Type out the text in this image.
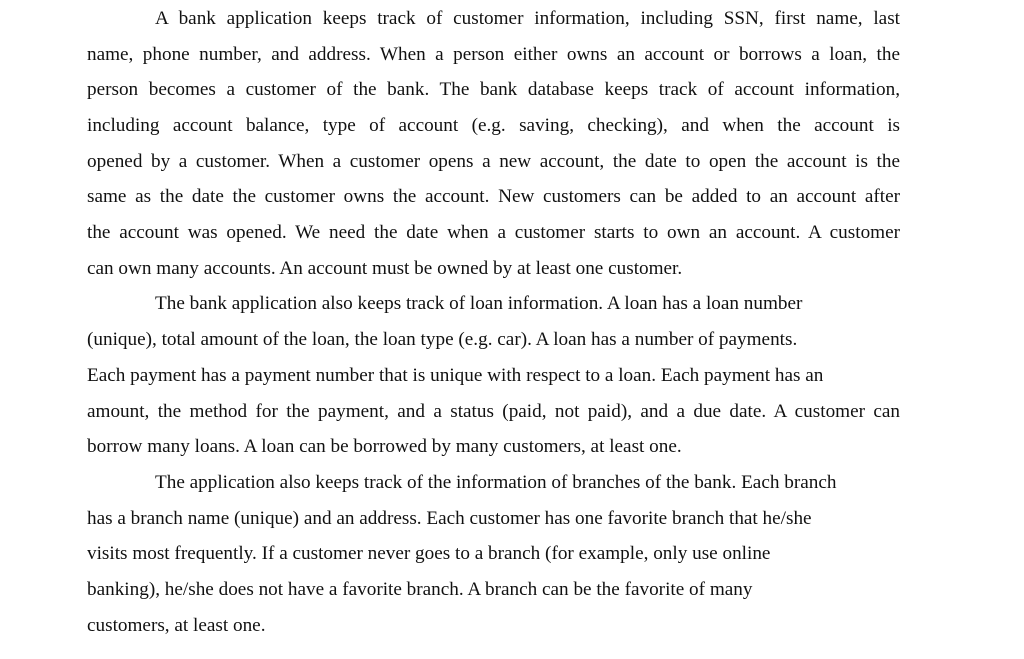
A bank application keeps track of customer information, including SSN, first name, last
name, phone number, and address. When a person either owns an account or borrows a loan, the
person becomes a customer of the bank. The bank database keeps track of account information,
including account balance, type of account (e.g. saving, checking), and when the account is
opened by a customer. When a customer opens a new account, the date to open the account is the
same as the date the customer owns the account. New customers can be added to an account after
the account was opened. We need the date when a customer starts to own an account. A customer
can own many accounts. An account must be owned by at least one customer.
The bank application also keeps track of loan information. A loan has a loan number
(unique), total amount of the loan, the loan type (e.g. car). A loan has a number of payments.
Each payment has a payment number that is unique with respect to a loan. Each payment has an
amount, the method for the payment, and a status (paid, not paid), and a due date. A customer can
borrow many loans. A loan can be borrowed by many customers, at least one.
The application also keeps track of the information of branches of the bank. Each branch
has a branch name (unique) and an address. Each customer has one favorite branch that he/she
visits most frequently. If a customer never goes to a branch (for example, only use online
banking), he/she does not have a favorite branch. A branch can be the favorite of many
customers, at least one.
